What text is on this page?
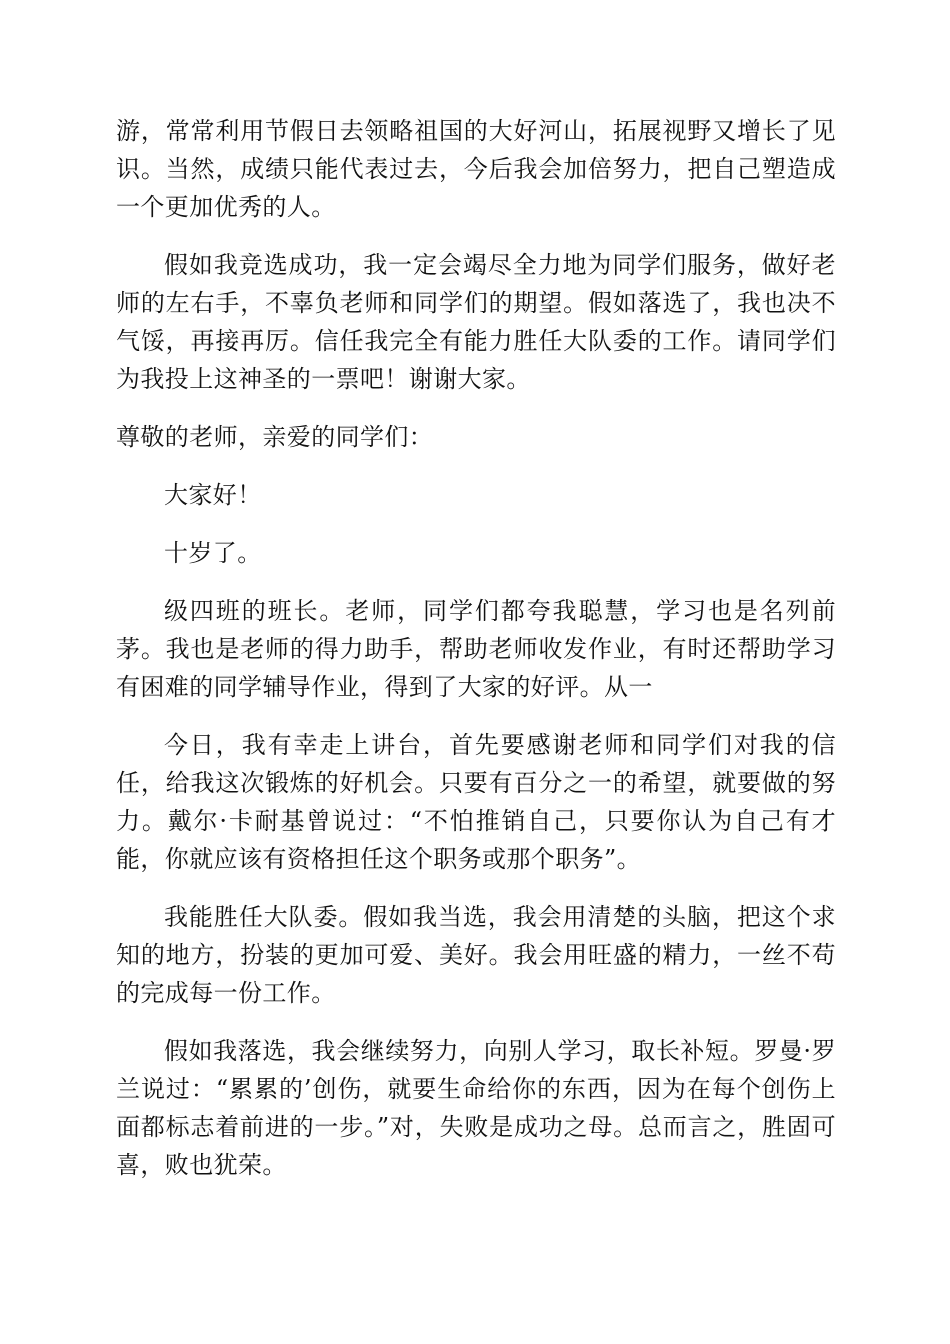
游，常常利用节假日去领略祖国的大好河山，拓展视野又增长了见识。当然，成绩只能代表过去，今后我会加倍努力，把自己塑造成一个更加优秀的人。

假如我竞选成功，我一定会竭尽全力地为同学们服务，做好老师的左右手，不辜负老师和同学们的期望。假如落选了，我也决不气馁，再接再厉。信任我完全有能力胜任大队委的工作。请同学们为我投上这神圣的一票吧！谢谢大家。

尊敬的老师，亲爱的同学们：

大家好！

十岁了。

级四班的班长。老师，同学们都夸我聪慧，学习也是名列前茅。我也是老师的得力助手，帮助老师收发作业，有时还帮助学习有困难的同学辅导作业，得到了大家的好评。从一

今日，我有幸走上讲台，首先要感谢老师和同学们对我的信任，给我这次锻炼的好机会。只要有百分之一的希望，就要做的努力。戴尔·卡耐基曾说过：“不怕推销自己，只要你认为自己有才能，你就应该有资格担任这个职务或那个职务”。

我能胜任大队委。假如我当选，我会用清楚的头脑，把这个求知的地方，扮装的更加可爱、美好。我会用旺盛的精力，一丝不苟的完成每一份工作。

假如我落选，我会继续努力，向别人学习，取长补短。罗曼·罗兰说过：“累累的’创伤，就要生命给你的东西，因为在每个创伤上面都标志着前进的一步。”对，失败是成功之母。总而言之，胜固可喜，败也犹荣。
